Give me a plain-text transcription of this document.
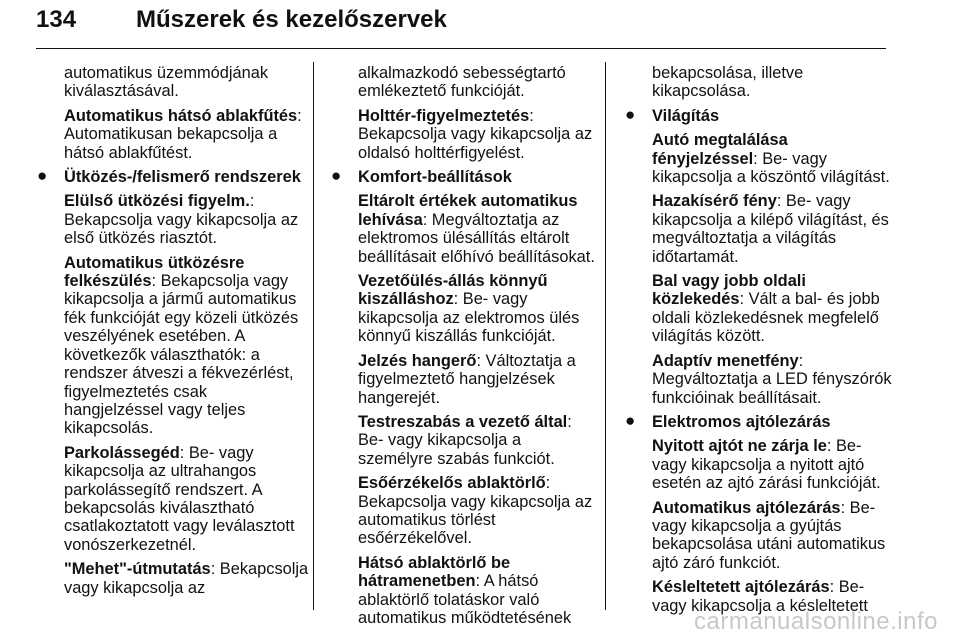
134 Műszerek és kezelőszervek

automatikus üzemmódjának kiválasztásával.

Automatikus hátsó ablakfűtés: Automatikusan bekapcsolja a hátsó ablakfűtést.

● Ütközés-/felismerő rendszerek

Elülső ütközési figyelm.: Bekapcsolja vagy kikapcsolja az első ütközés riasztót.

Automatikus ütközésre felkészülés: Bekapcsolja vagy kikapcsolja a jármű automatikus fék funkcióját egy közeli ütközés veszélyének esetében. A következők választhatók: a rendszer átveszi a fékvezérlést, figyelmeztetés csak hangjelzéssel vagy teljes kikapcsolás.

Parkolássegéd: Be- vagy kikapcsolja az ultrahangos parkolássegítő rendszert. A bekapcsolás kiválasztható csatlakoztatott vagy leválasztott vonószerkezetnél.

"Mehet"-útmutatás: Bekapcsolja vagy kikapcsolja az

alkalmazkodó sebességtartó emlékeztető funkcióját.

Holttér-figyelmeztetés: Bekapcsolja vagy kikapcsolja az oldalsó holttérfigyelést.

● Komfort-beállítások

Eltárolt értékek automatikus lehívása: Megváltoztatja az elektromos ülésállítás eltárolt beállításait előhívó beállításokat.

Vezetőülés-állás könnyű kiszálláshoz: Be- vagy kikapcsolja az elektromos ülés könnyű kiszállás funkcióját.

Jelzés hangerő: Változtatja a figyelmeztető hangjelzések hangerejét.

Testreszabás a vezető által: Be- vagy kikapcsolja a személyre szabás funkciót.

Esőérzékelős ablaktörlő: Bekapcsolja vagy kikapcsolja az automatikus törlést esőérzékelővel.

Hátsó ablaktörlő be hátramenetben: A hátsó ablaktörlő tolatáskor való automatikus működtetésének

bekapcsolása, illetve kikapcsolása.

● Világítás

Autó megtalálása fényjelzéssel: Be- vagy kikapcsolja a köszöntő világítást.

Hazakísérő fény: Be- vagy kikapcsolja a kilépő világítást, és megváltoztatja a világítás időtartamát.

Bal vagy jobb oldali közlekedés: Vált a bal- és jobb oldali közlekedésnek megfelelő világítás között.

Adaptív menetfény: Megváltoztatja a LED fényszórók funkcióinak beállításait.

● Elektromos ajtólezárás

Nyitott ajtót ne zárja le: Be- vagy kikapcsolja a nyitott ajtó esetén az ajtó zárási funkcióját.

Automatikus ajtólezárás: Be- vagy kikapcsolja a gyújtás bekapcsolása utáni automatikus ajtó záró funkciót.

Késleltetett ajtólezárás: Be- vagy kikapcsolja a késleltetett

carmanualsonline.info
